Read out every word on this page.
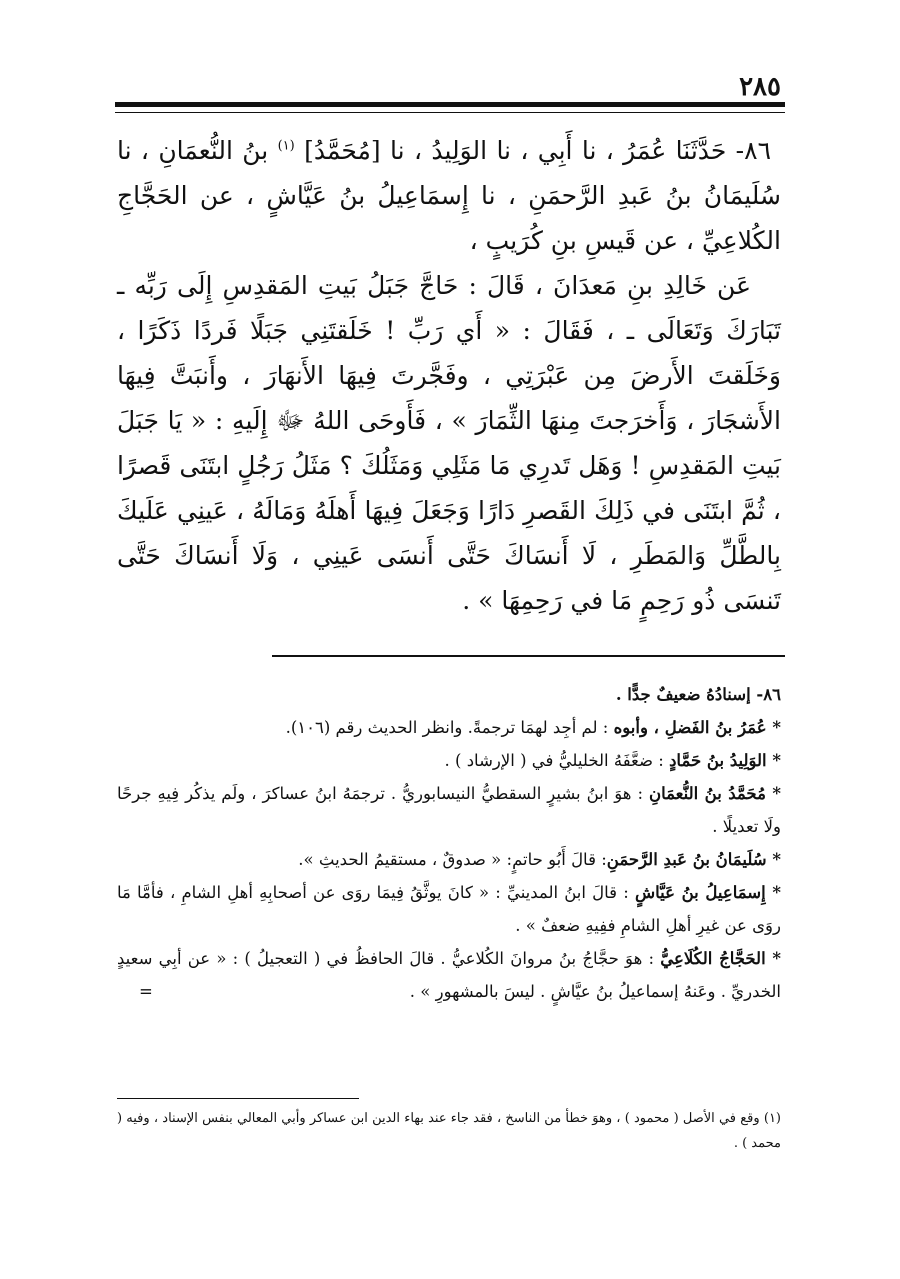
٢٨٥

٨٦- حَدَّثَنَا عُمَرُ ، نا أَبِي ، نا الوَلِيدُ ، نا [مُحَمَّدُ] $^{(١)}$ بنُ النُّعمَانِ ، نا سُلَيمَانُ بنُ عَبدِ الرَّحمَنِ ، نا إِسمَاعِيلُ بنُ عَيَّاشٍ ، عن الحَجَّاجِ الكُلاعِيِّ ، عن قَيسِ بنِ كُرَيبٍ ،

عَن خَالِدِ بنِ مَعدَانَ ، قَالَ : حَاجَّ جَبَلُ بَيتِ المَقدِسِ إِلَى رَبِّه ـ تَبَارَكَ وَتَعَالَى ـ ، فَقَالَ : « أَي رَبِّ ! خَلَقتَنِي جَبَلًا فَردًا ذَكَرًا ، وَخَلَقتَ الأَرضَ مِن عَبْرَتِي ، وفَجَّرتَ فِيهَا الأَنهَارَ ، وأَنبَتَّ فِيهَا الأَشجَارَ ، وَأَخرَجتَ مِنهَا الثِّمَارَ » ، فَأَوحَى اللهُ ﷻ إِلَيهِ : « يَا جَبَلَ بَيتِ المَقدِسِ ! وَهَل تَدرِي مَا مَثَلِي وَمَثَلُكَ ؟ مَثَلُ رَجُلٍ ابتَنَى قَصرًا ، ثُمَّ ابتَنَى في ذَلِكَ القَصرِ دَارًا وَجَعَلَ فِيهَا أَهلَهُ وَمَالَهُ ، عَينِي عَلَيكَ بِالطَّلِّ وَالمَطَرِ ، لَا أَنسَاكَ حَتَّى أَنسَى عَينِي ، وَلَا أَنسَاكَ حَتَّى تَنسَى ذُو رَحِمٍ مَا في رَحِمِهَا » .

٨٦- إسنادُهُ ضعيفٌ جدًّا .

* عُمَرُ بنُ الفَضلِ ، وأبوه : لم أجِد لهمَا ترجمةً. وانظر الحديث رقم (١٠٦).

* الوَلِيدُ بنُ حَمَّادٍ : ضعَّفَهُ الخليليُّ في ( الإرشاد ) .

* مُحَمَّدُ بنُ النُّعمَانِ : هوَ ابنُ بشيرٍ السقطيُّ النيسابوريُّ . ترجمَهُ ابنُ عساكرَ ، ولَم يذكُر فِيهِ جرحًا ولَا تعديلًا .

* سُلَيمَانُ بنُ عَبدِ الرَّحمَنِ: قالَ أَبُو حاتمٍ: « صدوقٌ ، مستقيمُ الحديثِ ».

* إِسمَاعِيلُ بنُ عَيَّاشٍ : قالَ ابنُ المدينيِّ : « كانَ يوثَّقُ فِيمَا روَى عن أصحابِهِ أهلِ الشامِ ، فأمَّا مَا روَى عن غيرِ أهلِ الشامِ ففِيهِ ضعفٌ » .

* الحَجَّاجُ الكُلَاعِيُّ : هوَ حجَّاجُ بنُ مروانَ الكُلاعيُّ . قالَ الحافظُ في ( التعجيلُ ) : « عن أبِي سعيدٍ الخدريِّ . وعَنهُ إسماعيلُ بنُ عيَّاشٍ . ليسَ بالمشهورِ » .
=

(١) وقع في الأصل ( محمود ) ، وهوَ خطأ من الناسخ ، فقد جاء عند بهاء الدين ابن عساكر وأبي المعالي بنفس الإسناد ، وفيه ( محمد ) .
